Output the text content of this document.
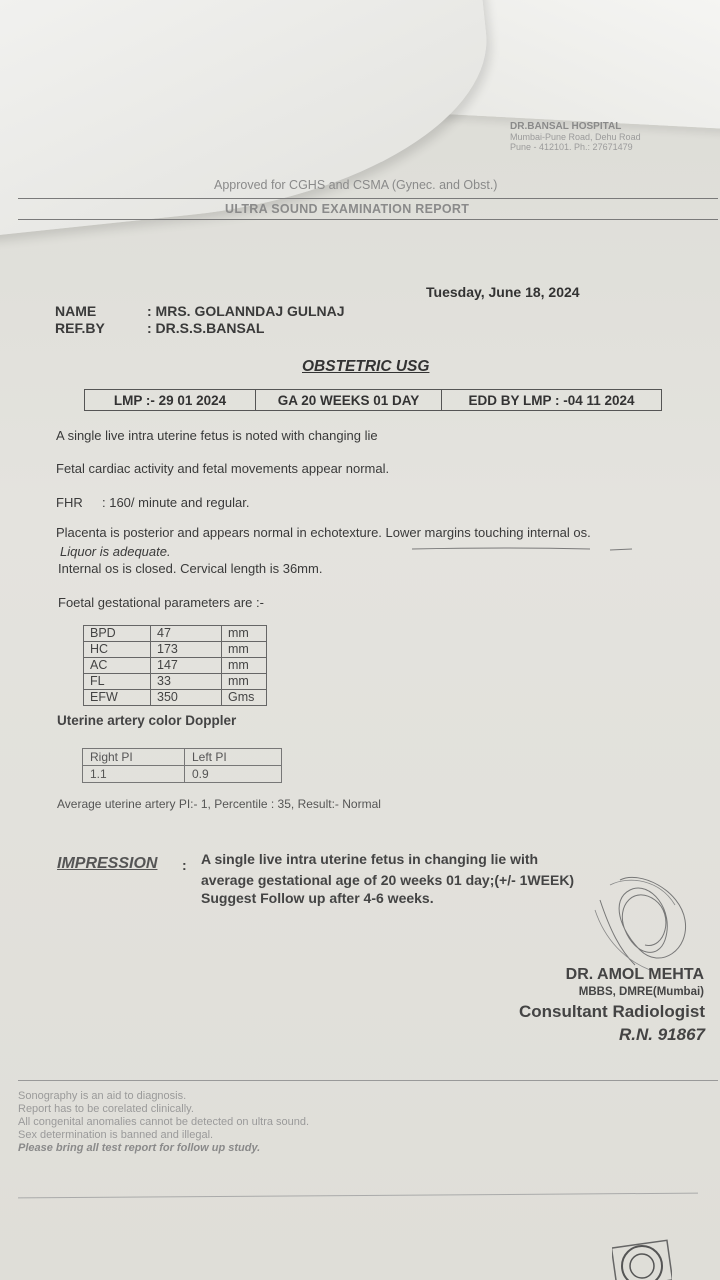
DR.BANSAL HOSPITAL
Mumbai-Pune Road, Dehu Road
Pune - 412101. Ph.: 27671479
Approved for CGHS and CSMA (Gynec. and Obst.)
ULTRA SOUND EXAMINATION REPORT
Tuesday, June 18, 2024
NAME	: MRS. GOLANNDAJ GULNAJ
REF.BY	: DR.S.S.BANSAL
OBSTETRIC USG
LMP :- 29 01 2024	GA 20 WEEKS 01 DAY	EDD BY LMP : -04 11 2024
A single live intra uterine fetus is noted with changing lie
Fetal cardiac activity and fetal movements appear normal.
FHR : 160/ minute and regular.
Placenta is posterior and appears normal in echotexture. Lower margins touching internal os.
Liquor is adequate.
Internal os is closed. Cervical length is 36mm.
Foetal gestational parameters are :-
BPD	47	mm
HC	173	mm
AC	147	mm
FL	33	mm
EFW	350	Gms
Uterine artery color Doppler
Right PI	Left PI
1.1	0.9
Average uterine artery PI:- 1, Percentile : 35, Result:- Normal
IMPRESSION : A single live intra uterine fetus in changing lie with
average gestational age of 20 weeks 01 day;(+/- 1WEEK)
Suggest Follow up after 4-6 weeks.
DR. AMOL MEHTA
MBBS, DMRE(Mumbai)
Consultant Radiologist
R.N. 91867
Sonography is an aid to diagnosis.
Report has to be corelated clinically.
All congenital anomalies cannot be detected on ultra sound.
Sex determination is banned and illegal.
Please bring all test report for follow up study.
